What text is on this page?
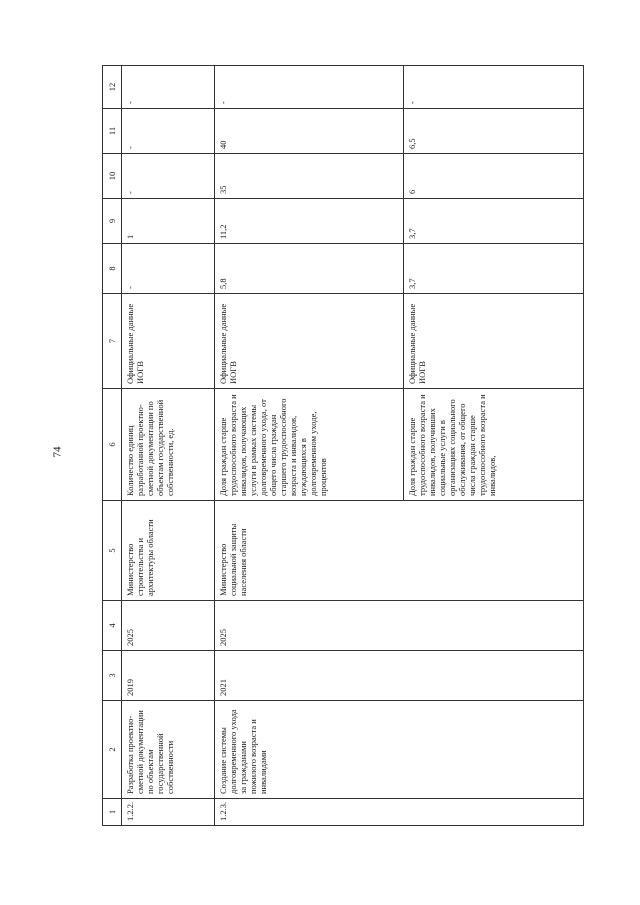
74
1	2	3	4	5	6	7	8	9	10	11	12
1.2.2.	Разработка проектно-сметной документации по объектам государственной собственности	2019	2025	Министерство строительства и архитектуры области	Количество единиц разработанной проектно-сметной документации по объектам государственной собственности, ед.	Официальные данные ИОГВ	-	1	-	-	-
1.2.3.	Создание системы долговременного ухода за гражданами пожилого возраста и инвалидами	2021	2025	Министерство социальной защиты населения области	Доля граждан старше трудоспособного возраста и инвалидов, получающих услуги в рамках системы долговременного ухода, от общего числа граждан старшего трудоспособного возраста и инвалидов, нуждающихся в долговременном уходе, процентов	Официальные данные ИОГВ	5,8	11,2	35	40	-
					Доля граждан старше трудоспособного возраста и инвалидов, получивших социальные услуги в организациях социального обслуживания, от общего числа граждан старше трудоспособного возраста и инвалидов,	Официальные данные ИОГВ	3,7	3,7	6	6,5	-
